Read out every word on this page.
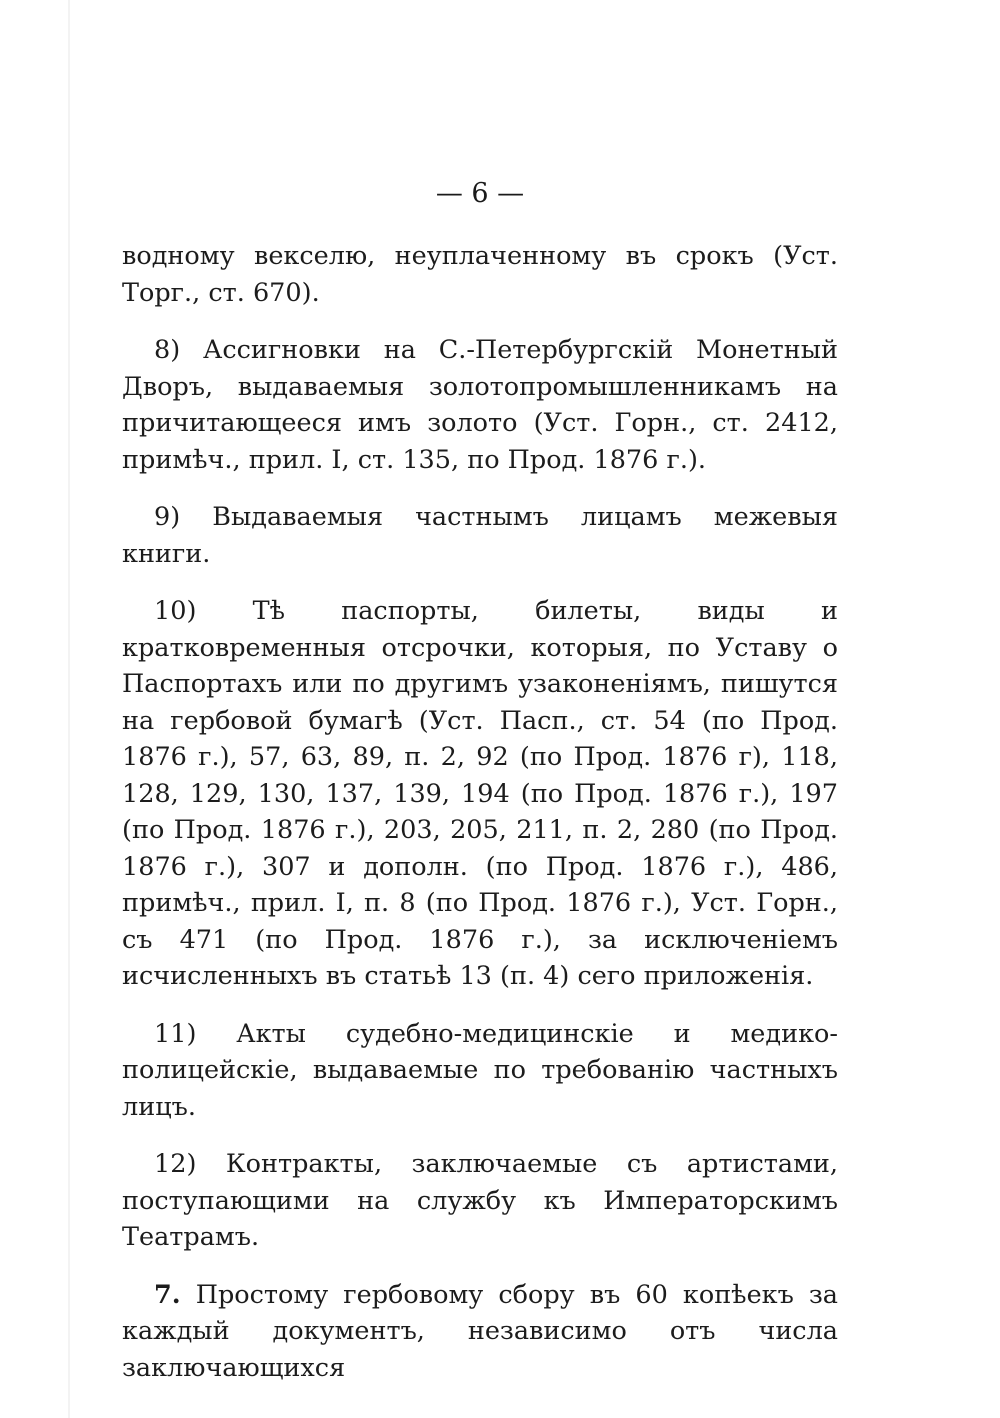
— 6 —

водному векселю, неуплаченному въ срокъ (Уст. Торг., ст. 670).

8) Ассигновки на С.-Петербургскій Монетный Дворъ, выдаваемыя золотопромышленникамъ на причитающееся имъ золото (Уст. Горн., ст. 2412, примѣч., прил. I, ст. 135, по Прод. 1876 г.).

9) Выдаваемыя частнымъ лицамъ межевыя книги.

10) Тѣ паспорты, билеты, виды и кратковременныя отсрочки, которыя, по Уставу о Паспортахъ или по другимъ узаконеніямъ, пишутся на гербовой бумагѣ (Уст. Пасп., ст. 54 (по Прод. 1876 г.), 57, 63, 89, п. 2, 92 (по Прод. 1876 г), 118, 128, 129, 130, 137, 139, 194 (по Прод. 1876 г.), 197 (по Прод. 1876 г.), 203, 205, 211, п. 2, 280 (по Прод. 1876 г.), 307 и дополн. (по Прод. 1876 г.), 486, примѣч., прил. I, п. 8 (по Прод. 1876 г.), Уст. Горн., съ 471 (по Прод. 1876 г.), за исключеніемъ исчисленныхъ въ статьѣ 13 (п. 4) сего приложенія.

11) Акты судебно-медицинскіе и медико-полицейскіе, выдаваемые по требованію частныхъ лицъ.

12) Контракты, заключаемые съ артистами, поступающими на службу къ Императорскимъ Театрамъ.

7. Простому гербовому сбору въ 60 копѣекъ за каждый документъ, независимо отъ числа заключающихся
